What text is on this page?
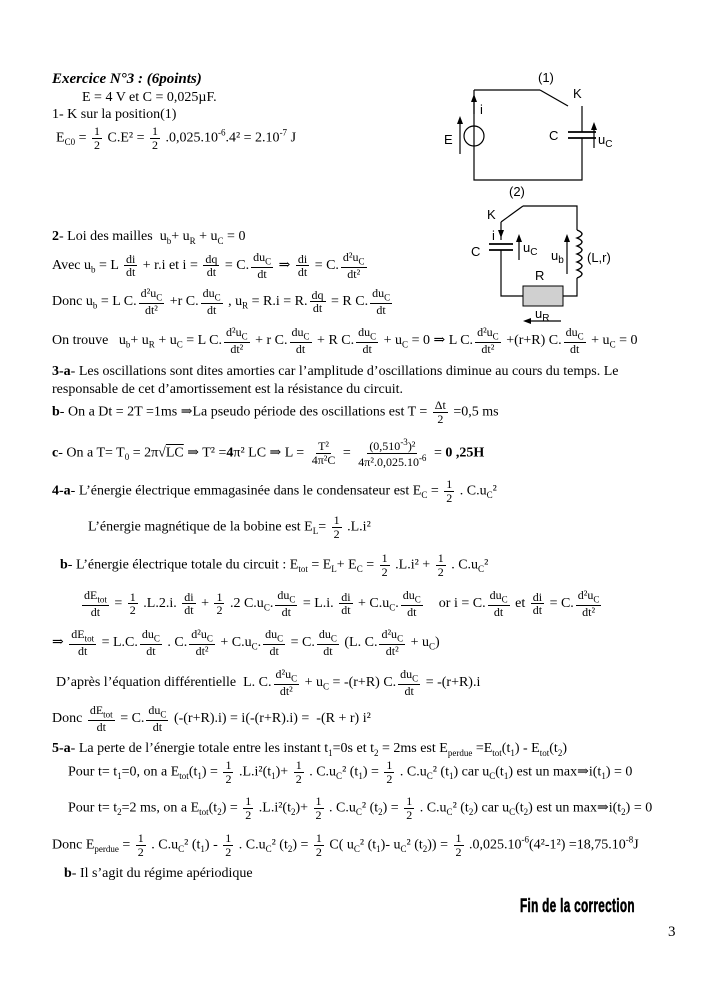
Exercice N°3 : (6points)
E = 4 V et C = 0,025µF.
1- K sur la position(1)
$E_{C0} = \frac{1}{2} C.E^2 = \frac{1}{2} .0,025.10^{-6}.4^2 = 2.10^{-7}$ J
(1)
K
E
i
C	$u_C$
(2)
K
i
C	$u_C$ $u_b$ (L,r)
R
$u_R$
2- Loi des mailles  $u_b+ u_R + u_C = 0$
Avec $u_b = L \frac{di}{dt} + r.i$ et $i = \frac{dq}{dt} = C$. $\frac{du_C}{dt}$ ⇒ $\frac{di}{dt} = C$. $\frac{d^2u_C}{\text{dt²}}$
Donc $u_b = L$ C. $\frac{d^2u_C}{\text{dt²}} +r$ C. $\frac{du_C}{dt}$ , $u_R = R.i = R$. $\frac{dq}{dt} = R$ C. $\frac{du_C}{dt}$
On trouve   $u_b+ u_R + u_C = L$ C. $\frac{d^2u_C}{\text{dt²}} + r$ C. $\frac{du_C}{dt} + R$ C. $\frac{du_C}{dt} + u_C = 0$ ⇒ L C. $\frac{d^2u_C}{\text{dt²}} +(r+R)$ C. $\frac{du_C}{dt} + u_C = 0$
3-a- Les oscillations sont dites amorties car l’amplitude d’oscillations diminue au cours du temps. Le
responsable de cet d’amortissement est la résistance du circuit.
b- On a Dt = 2T =1ms ⇒La pseudo période des oscillations est $T = \frac{\Delta t}{2} =0,5$ ms
c- On a $T= T_0 = 2\pi√LC$ ⇒ T² =4π² LC ⇒ $L = \frac{\text{T²}}{\text{4π²C}} = \frac{(0,510^{-3})^2}{4\pi^2.0,025.10^{-6}} = 0$ ,25H
4-a- L’énergie électrique emmagasinée dans le condensateur est $E_C = \frac{1}{2}$ . $C.u_C^2$
L’énergie magnétique de la bobine est $E_L= \frac{1}{2} .L.i^2$
b- L’énergie électrique totale du circuit : $E_{tot} = E_L+ E_C = \frac{1}{2} .L.i^2 + \frac{1}{2}$ . $C.u_C^2$
$\frac{dE_{tot}}{dt} = \frac{1}{2} .L.2.i$. $\frac{di}{dt} + \frac{1}{2} .2$ $C.u_C$. $\frac{du_C}{dt} = L.i$. $\frac{di}{dt} + C.u_C$. $\frac{du_C}{dt}$ or i = C. $\frac{du_C}{dt}$ et $\frac{di}{dt} = C$. $\frac{d^2u_C}{\text{dt²}}$
⇒ $\frac{dE_{tot}}{dt} = L.C$. $\frac{du_C}{dt}$ . C. $\frac{d^2u_C}{\text{dt²}} + C.u_C$. $\frac{du_C}{dt} = C$. $\frac{du_C}{dt} (L$. C. $\frac{d^2u_C}{\text{dt²}} + u_C$)
D’après l’équation différentielle  L. C. $\frac{d^2u_C}{\text{dt²}} + u_C = -(r+R)$ C. $\frac{du_C}{dt} = -(r+R).i$
Donc $\frac{dE_{tot}}{dt} = C$. $\frac{du_C}{dt} (-(r+R).i) = i(-(r+R).i) = -(R + r)$ i²
5-a- La perte de l’énergie totale entre les instant $t_1=0s$ et $t_2 = 2ms$ est $E_{perdue} =E_{tot}(t_1) - E_{tot}(t_2)$
Pour $t= t_1=0$, on a $E_{tot}(t_1) = \frac{1}{2} .L.i^2(t_1)+ \frac{1}{2}$ . $C.u_C^2$ $(t_1) = \frac{1}{2}$ . $C.u_C^2$ $(t_1)$ car $u_C(t_1)$ est un $\max\Rightarrow i(t_1) = 0$
Pour $t= t_2=2$ ms, on a $E_{tot}(t_2) = \frac{1}{2} .L.i^2(t_2)+ \frac{1}{2}$ . $C.u_C^2$ $(t_2) = \frac{1}{2}$ . $C.u_C^2$ $(t_2)$ car $u_C(t_2)$ est un $\max\Rightarrow i(t_2) = 0$
Donc $E_{perdue} = \frac{1}{2}$ . $C.u_C^2$ $(t_1) - \frac{1}{2}$ . $C.u_C^2$ $(t_2) = \frac{1}{2} C$( $u_C^2$ $(t_1)-$ $u_C^2$ $(t_2)) = \frac{1}{2} .0,025.10^{-6}(4^2-1^2) =18,75.10^{-8}J$
b- Il s’agit du régime apériodique
Fin de la correction
3
